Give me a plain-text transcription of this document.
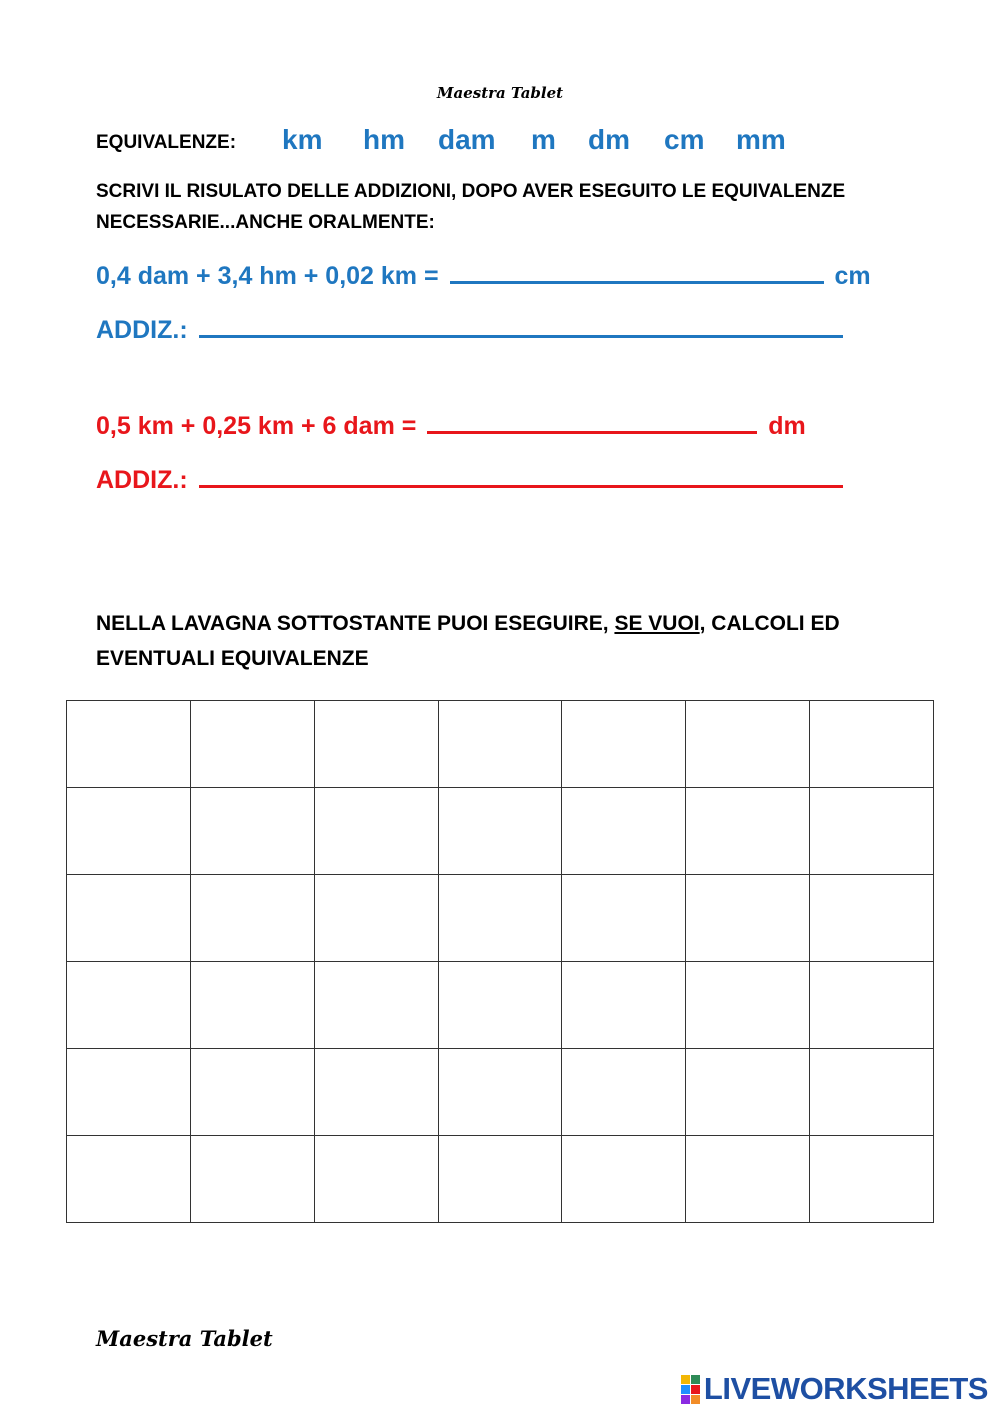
Maestra Tablet
EQUIVALENZE: km hm dam m dm cm mm
SCRIVI IL RISULATO DELLE ADDIZIONI, DOPO AVER ESEGUITO LE EQUIVALENZE
NECESSARIE...ANCHE ORALMENTE:
0,4 dam + 3,4 hm + 0,02 km =	cm
ADDIZ.:
0,5 km + 0,25 km + 6 dam =	dm
ADDIZ.:
NELLA LAVAGNA SOTTOSTANTE PUOI ESEGUIRE, SE VUOI, CALCOLI ED
EVENTUALI EQUIVALENZE

Maestra Tablet
LIVEWORKSHEETS
